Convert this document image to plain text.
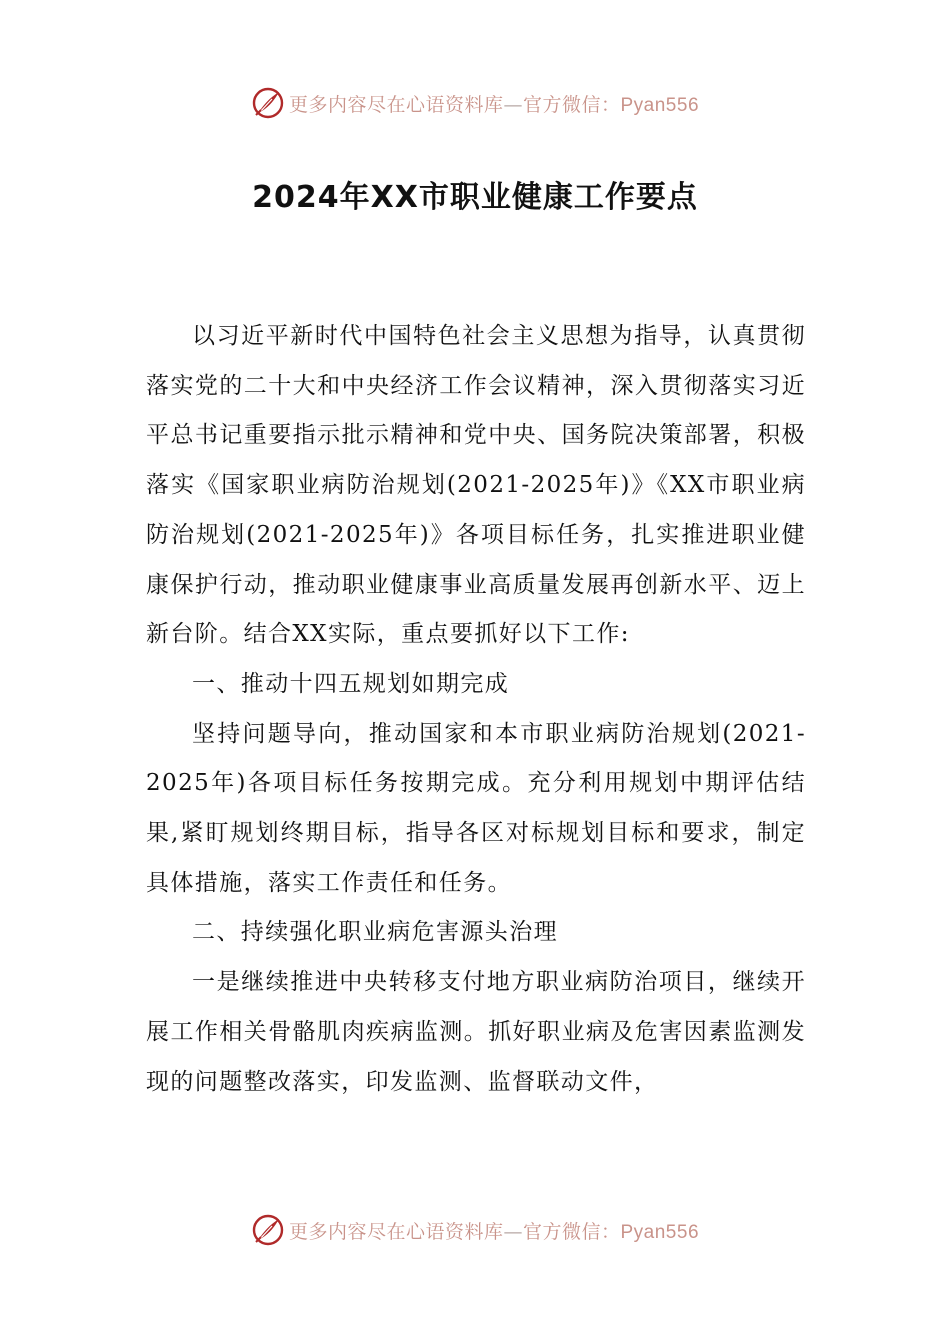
更多内容尽在心语资料库—官方微信：Pyan556
2024年XX市职业健康工作要点

以习近平新时代中国特色社会主义思想为指导，认真贯彻落实党的二十大和中央经济工作会议精神，深入贯彻落实习近平总书记重要指示批示精神和党中央、国务院决策部署，积极落实《国家职业病防治规划(2021-2025年)》《XX市职业病防治规划(2021-2025年)》各项目标任务，扎实推进职业健康保护行动，推动职业健康事业高质量发展再创新水平、迈上新台阶。结合XX实际，重点要抓好以下工作:

一、推动十四五规划如期完成

坚持问题导向，推动国家和本市职业病防治规划(2021-2025年)各项目标任务按期完成。充分利用规划中期评估结果,紧盯规划终期目标，指导各区对标规划目标和要求，制定具体措施，落实工作责任和任务。

二、持续强化职业病危害源头治理

一是继续推进中央转移支付地方职业病防治项目，继续开展工作相关骨骼肌肉疾病监测。抓好职业病及危害因素监测发现的问题整改落实，印发监测、监督联动文件，

更多内容尽在心语资料库—官方微信：Pyan556
